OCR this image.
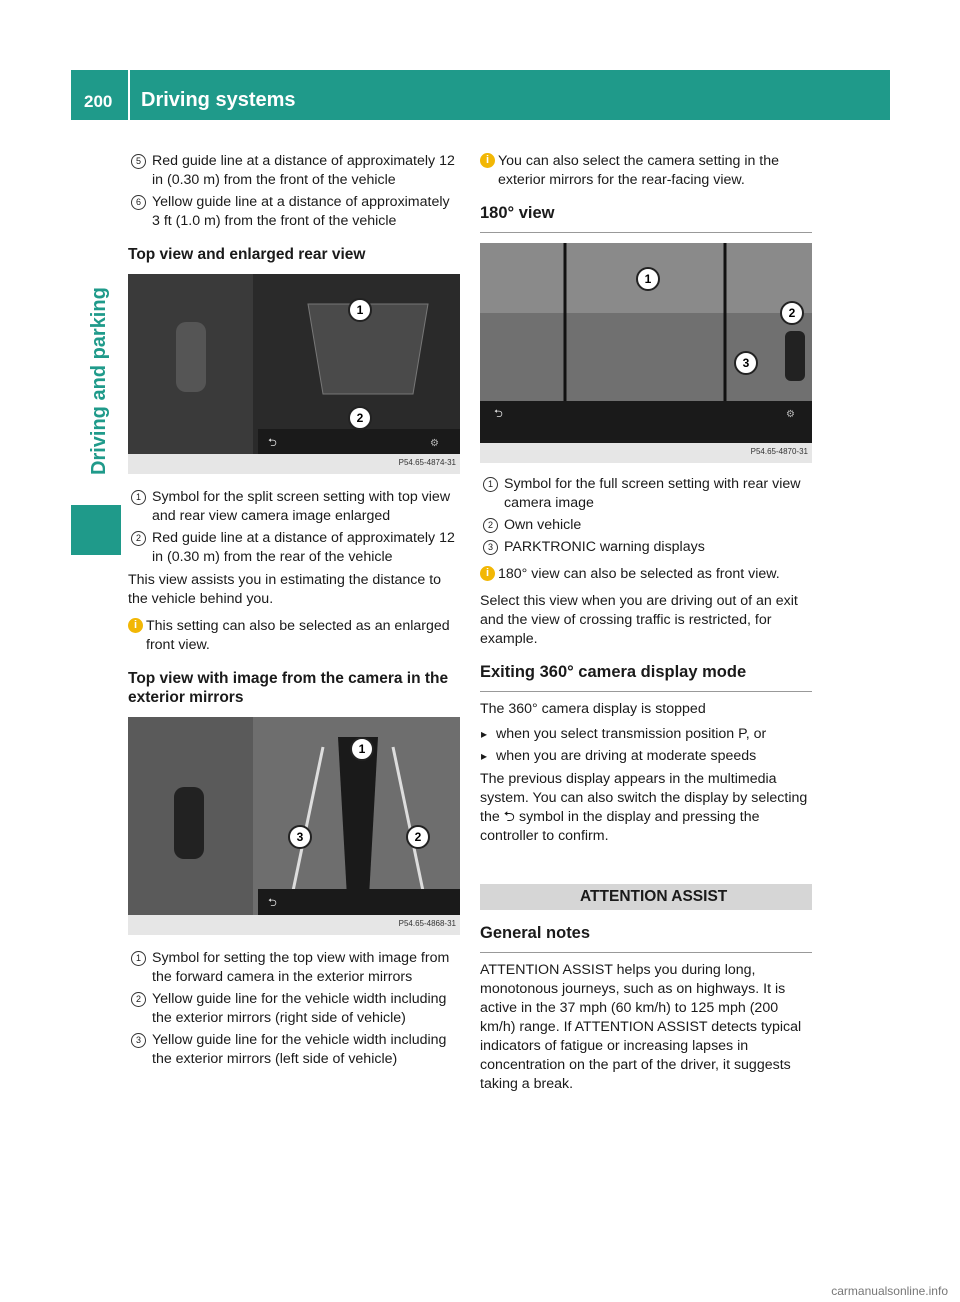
200 Driving systems
Driving and parking
5 Red guide line at a distance of approximately 12 in (0.30 m) from the front of the vehicle
6 Yellow guide line at a distance of approximately 3 ft (1.0 m) from the front of the vehicle
Top view and enlarged rear view
⮌	⚙
1
2
P54.65-4874-31
1 Symbol for the split screen setting with top view and rear view camera image enlarged
2 Red guide line at a distance of approximately 12 in (0.30 m) from the rear of the vehicle
This view assists you in estimating the distance to the vehicle behind you.
i This setting can also be selected as an enlarged front view.
Top view with image from the camera in the exterior mirrors
⮌
1
3	2
P54.65-4868-31
1 Symbol for setting the top view with image from the forward camera in the exterior mirrors
2 Yellow guide line for the vehicle width including the exterior mirrors (right side of vehicle)
3 Yellow guide line for the vehicle width including the exterior mirrors (left side of vehicle)
i You can also select the camera setting in the exterior mirrors for the rear-facing view.
180° view
⮌	⚙
1
2
3
P54.65-4870-31
1 Symbol for the full screen setting with rear view camera image
2 Own vehicle
3 PARKTRONIC warning displays
i 180° view can also be selected as front view.
Select this view when you are driving out of an exit and the view of crossing traffic is restricted, for example.
Exiting 360° camera display mode
The 360° camera display is stopped
▸ when you select transmission position P, or
▸ when you are driving at moderate speeds
The previous display appears in the multimedia system. You can also switch the display by selecting the ⮌ symbol in the display and pressing the controller to confirm.
ATTENTION ASSIST
General notes
ATTENTION ASSIST helps you during long, monotonous journeys, such as on highways. It is active in the 37 mph (60 km/h) to 125 mph (200 km/h) range. If ATTENTION ASSIST detects typical indicators of fatigue or increasing lapses in concentration on the part of the driver, it suggests taking a break.
carmanualsonline.info
